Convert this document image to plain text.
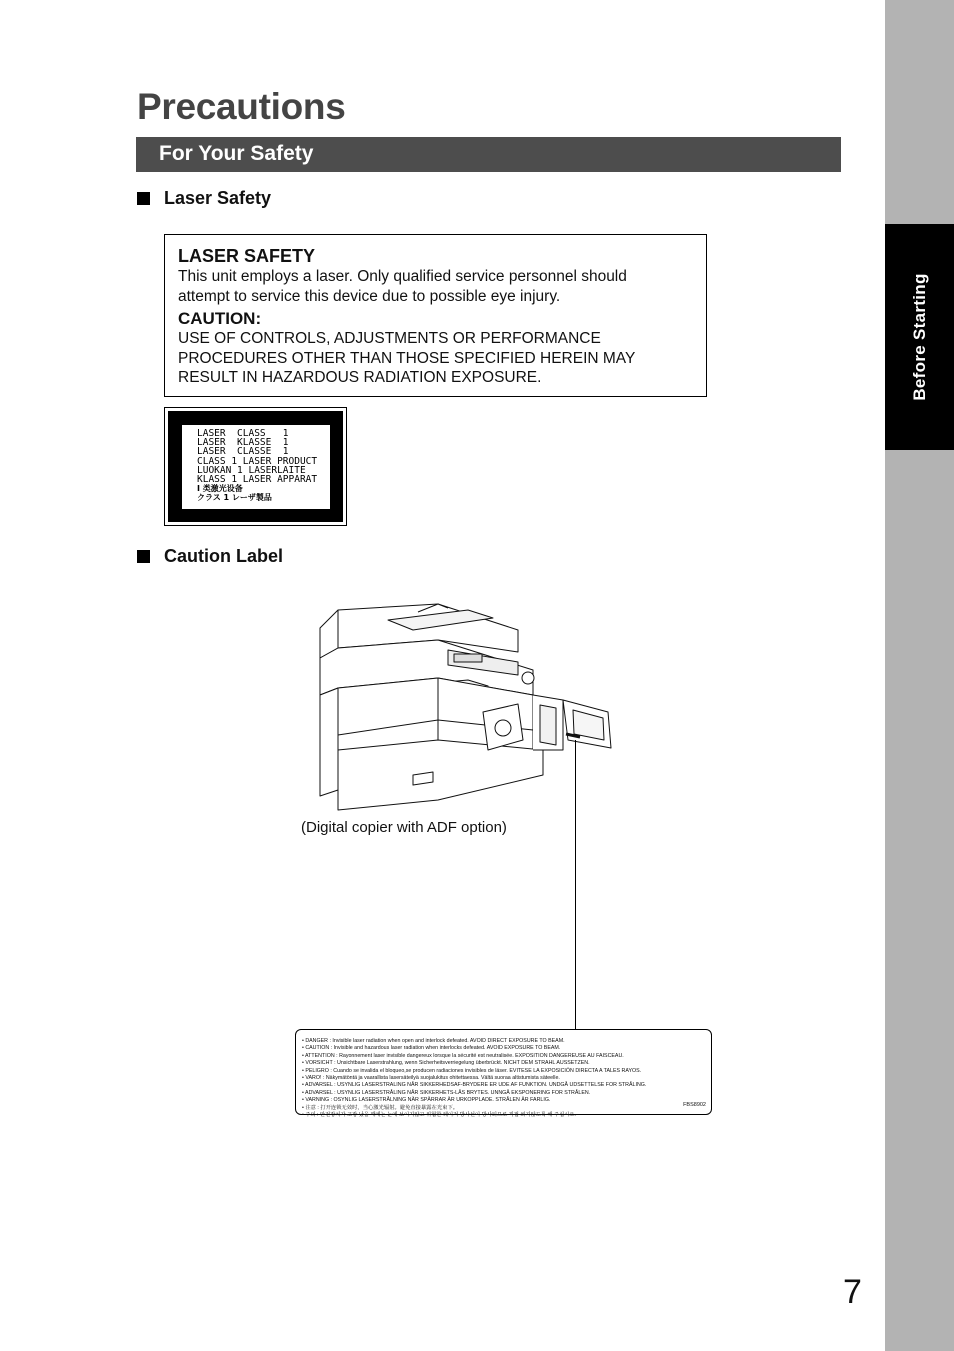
Before Starting
Precautions
For Your Safety
Laser Safety
LASER SAFETY
This unit employs a laser. Only qualified service personnel should
attempt to service this device due to possible eye injury.
CAUTION:
USE OF CONTROLS, ADJUSTMENTS OR PERFORMANCE
PROCEDURES OTHER THAN THOSE SPECIFIED HEREIN MAY
RESULT IN HAZARDOUS RADIATION EXPOSURE.
LASER  CLASS   1
LASER  KLASSE  1
LASER  CLASSE  1
CLASS 1 LASER PRODUCT
LUOKAN 1 LASERLAITE
KLASS 1 LASER APPARAT
Ⅰ 类激光设备
クラス 1 レーザ製品
Caution Label
(Digital copier with ADF option)
• DANGER : Invisible laser radiation when open and interlock defeated. AVOID DIRECT EXPOSURE TO BEAM.
• CAUTION : Invisible and hazardous laser radiation when interlocks defeated. AVOID EXPOSURE TO BEAM.
• ATTENTION : Rayonnement laser invisible dangereux lorsque la sécurité est neutralisée. EXPOSITION DANGEREUSE AU FAISCEAU.
• VORSICHT : Unsichtbare Laserstrahlung, wenn Sicherheitsverriegelung überbrückt. NICHT DEM STRAHL AUSSETZEN.
• PELIGRO : Cuando se invalida el bloqueo,se producen radiaciones invisibles de láser. EVITESE LA EXPOSICIÓN DIRECTA A TALES RAYOS.
• VARO! : Näkymätöntä ja vaarallista lasersäteilyä suojalukitus ohitettaessa. Vältä suoraa altistumista säteelle.
• ADVARSEL : USYNLIG LASERSTRALING NÅR SIKKERHEDSAF-BRYDERE ER UDE AF FUNKTION. UNDGÅ UDSETTELSE FOR STRÅLING.
• ADVARSEL : USYNLIG LASERSTRÅLING NÅR SIKKERHETS-LÅS BRYTES. UNNGÅ EKSPONERING FOR STRÅLEN.
• VARNING : OSYNLIG LASERSTRÅLNING NÄR SPÄRRAR ÄR URKOPPLADE. STRÅLEN ÄR FARLIG.
• 注意 : 打开连锁无效时，当心激光辐射。避免直接暴露在光束下。
• 주의 : 안전장치가 고장 났을 때에는 눈에 보이지않고 위험한 레이저 방사선이 방사되므로 직접 쐬지않도록 해 주십시오.
FBS8902
7
